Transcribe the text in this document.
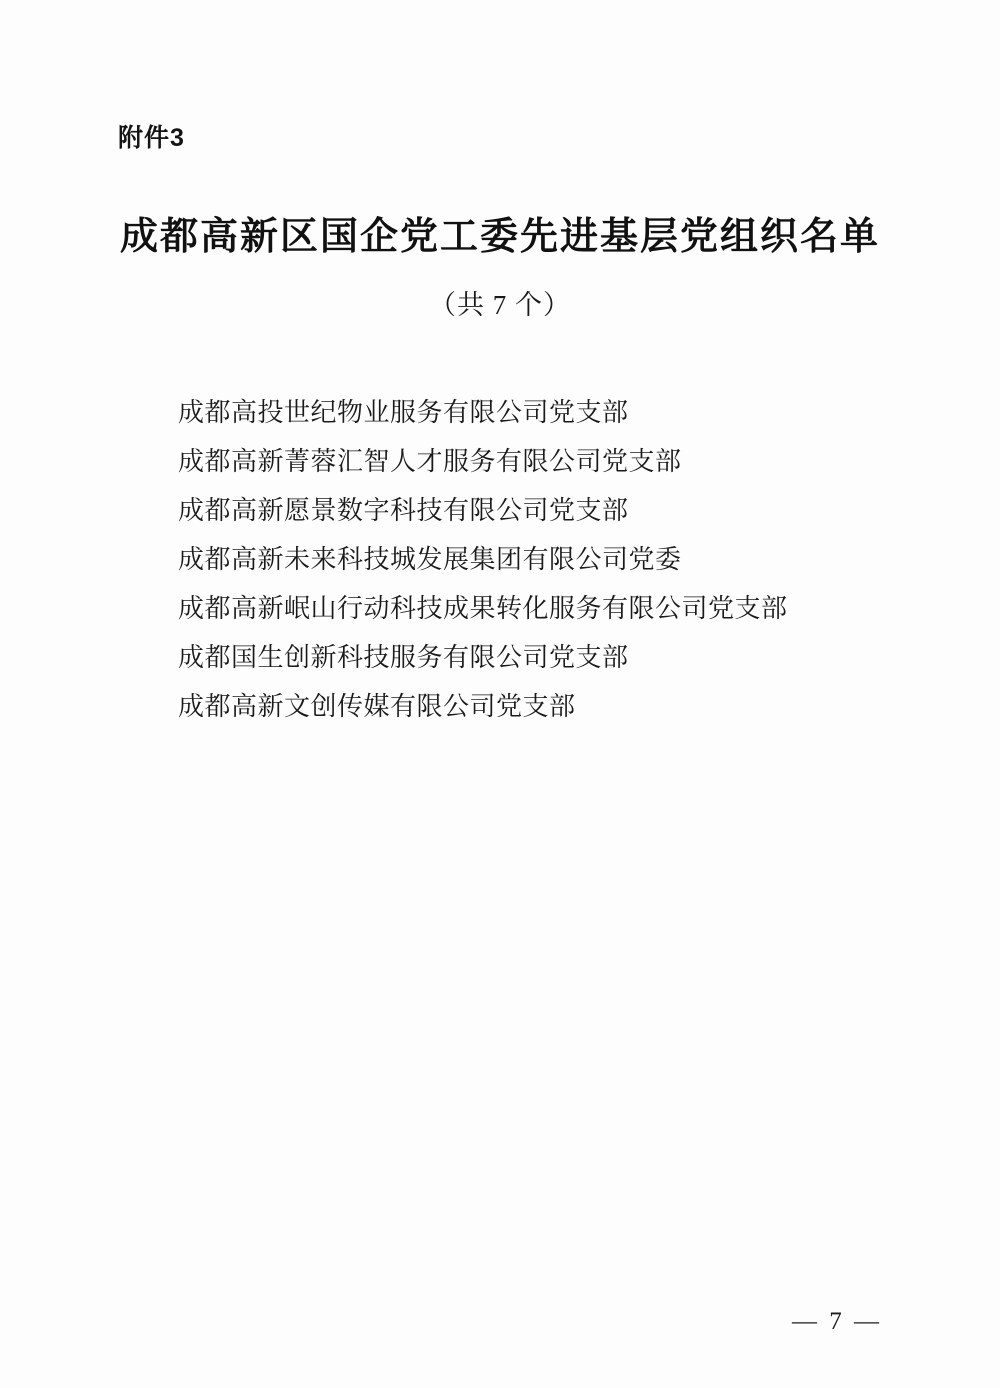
附件3
成都高新区国企党工委先进基层党组织名单
（共 7 个）
成都高投世纪物业服务有限公司党支部
成都高新菁蓉汇智人才服务有限公司党支部
成都高新愿景数字科技有限公司党支部
成都高新未来科技城发展集团有限公司党委
成都高新岷山行动科技成果转化服务有限公司党支部
成都国生创新科技服务有限公司党支部
成都高新文创传媒有限公司党支部
— 7 —
